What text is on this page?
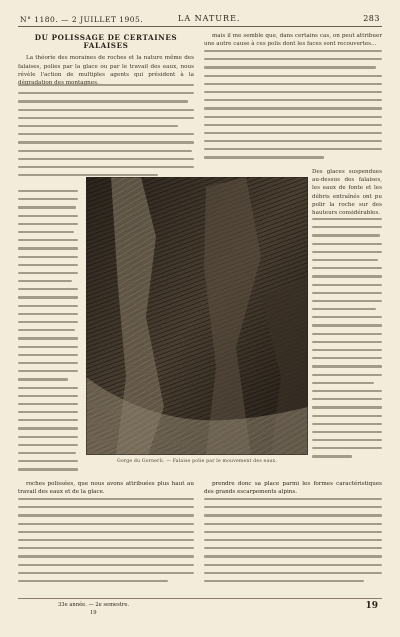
N° 1180. — 2 JUILLET 1905.	LA NATURE.	283
DU POLISSAGE DE CERTAINES FALAISES

La théorie des moraines de roches et la nature même des falaises, polies par la glace ou par le travail des eaux, nous révèle l'action de multiples agents qui président à la

mais il me semble que, dans certains cas, on peut attribuer une autre cause à ces polis dont les faces sont recouvertes...

Des glaces suspendues au-dessus des falaises, les eaux de fonte et les débris entraînés ont pu polir la roche sur des hauteurs considérables.

Gorge du Gornerli. — Falaise polie par le mouvement des eaux.

roches polissées, que nous avons attribuées plus haut au travail des eaux et de la glace.

prendre donc sa place parmi les formes caractéristiques des grands escarpements alpins.

33e année. — 2e semestre.
19
19
